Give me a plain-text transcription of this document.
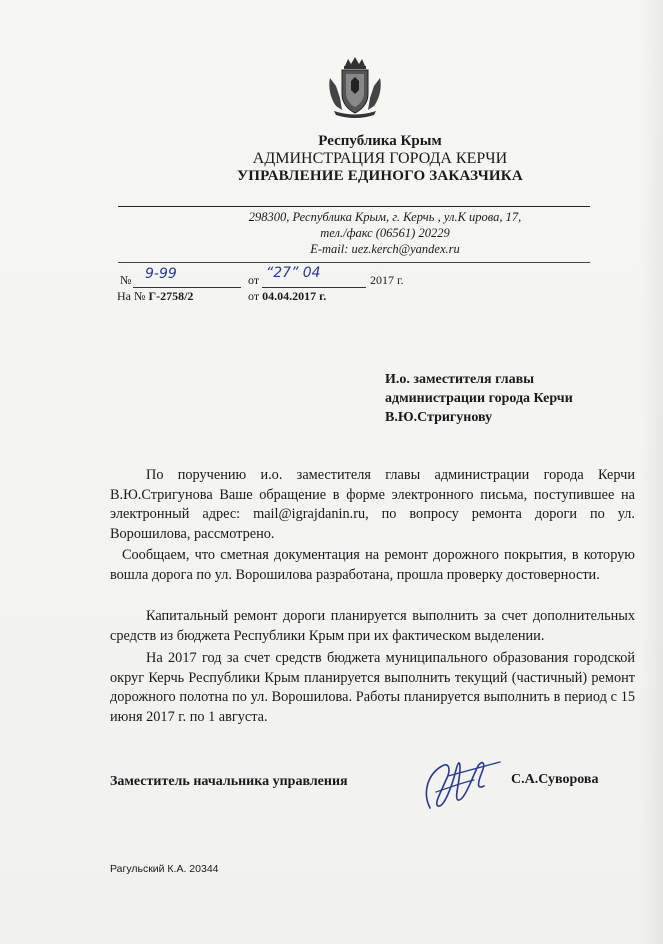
Республика Крым
АДМИНСТРАЦИЯ ГОРОДА КЕРЧИ
УПРАВЛЕНИЕ ЕДИНОГО ЗАКАЗЧИКА
298300, Республика Крым, г. Керчь , ул.К ирова, 17,
тел./факс (06561) 20229
E-mail: uez.kerch@yandex.ru
№ 9-99	от “27” 04	2017 г.
На № Г-2758/2	от 04.04.2017 г.
И.о. заместителя главы
администрации города Керчи
В.Ю.Стригунову
По поручению и.о. заместителя главы администрации города Керчи В.Ю.Стригунова Ваше обращение в форме электронного письма, поступившее на электронный адрес: mail@igrajdanin.ru, по вопросу ремонта дороги по ул. Ворошилова, рассмотрено.
Сообщаем, что сметная документация на ремонт дорожного покрытия, в которую вошла дорога по ул. Ворошилова разработана, прошла проверку достоверности.
Капитальный ремонт дороги планируется выполнить за счет дополнительных средств из бюджета Республики Крым при их фактическом выделении.
На 2017 год за счет средств бюджета муниципального образования городской округ Керчь Республики Крым планируется выполнить текущий (частичный) ремонт дорожного полотна по ул. Ворошилова. Работы планируется выполнить в период с 15 июня 2017 г. по 1 августа.
Заместитель начальника управления	С.А.Суворова
Рагульский К.А. 20344
